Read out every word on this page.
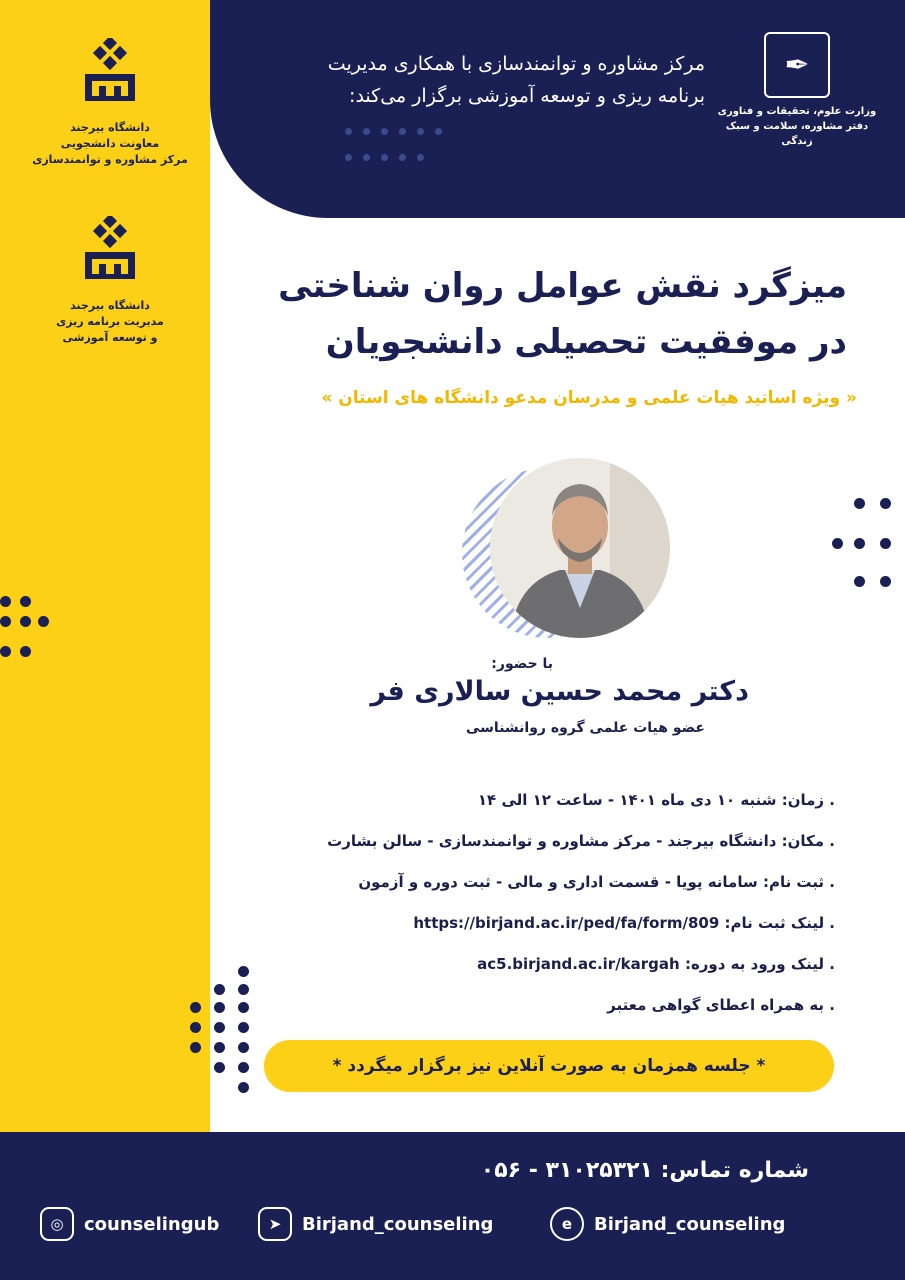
دانشگاه بیرجند
معاونت دانشجویی
مرکز مشاوره و توانمندسازی
دانشگاه بیرجند
مدیریت برنامه ریزی
و توسعه آموزشی
✒
وزارت علوم، تحقیقات و فناوری
دفتر مشاوره، سلامت و سبک زندگی
مرکز مشاوره و توانمندسازی با همکاری مدیریت
برنامه ریزی و توسعه آموزشی برگزار می‌کند:
میزگرد نقش عوامل روان شناختی
در موفقیت تحصیلی دانشجویان
« ویژه اساتید هیات علمی و مدرسان مدعو دانشگاه های استان »
با حضور:
دکتر محمد حسین سالاری فر
عضو هیات علمی گروه روانشناسی
. زمان: شنبه ۱۰ دی ماه ۱۴۰۱ - ساعت ۱۲ الی ۱۴
. مکان: دانشگاه بیرجند - مرکز مشاوره و توانمندسازی - سالن بشارت
. ثبت نام: سامانه پویا - قسمت اداری و مالی - ثبت دوره و آزمون
. لینک ثبت نام: https://birjand.ac.ir/ped/fa/form/809
. لینک ورود به دوره: ac5.birjand.ac.ir/kargah
. به همراه اعطای گواهی معتبر
* جلسه همزمان به صورت آنلاین نیز برگزار میگردد *
شماره تماس: ۳۱۰۲۵۳۲۱ - ۰۵۶
◎	counselingub	➤	Birjand_counseling	e	Birjand_counseling
